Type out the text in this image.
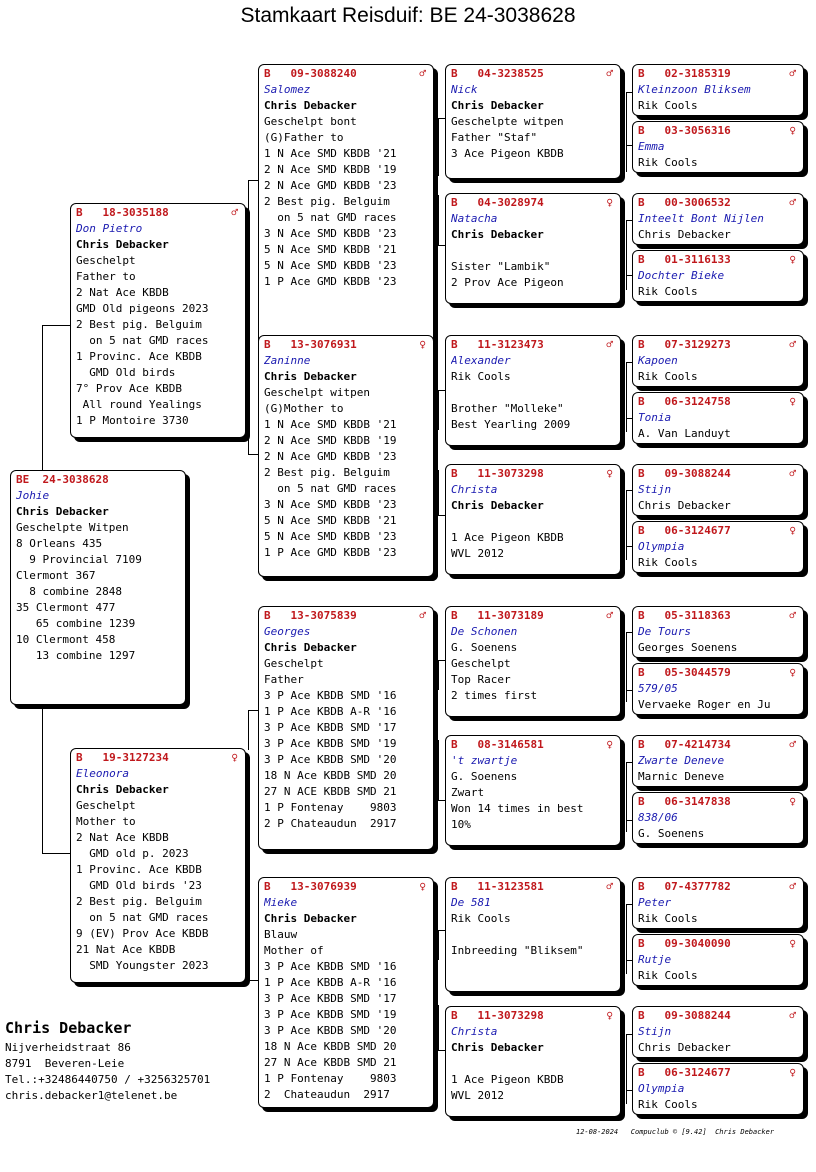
Stamkaart Reisduif: BE 24-3038628
BE  24-3038628
Johie
Chris Debacker
Geschelpte Witpen
8 Orleans 435
9 Provincial 7109
Clermont 367
8 combine 2848
35 Clermont 477
65 combine 1239
10 Clermont 458
13 combine 1297
B   18-3035188	♂
Don Pietro
Chris Debacker
Geschelpt
Father to
2 Nat Ace KBDB
GMD Old pigeons 2023
2 Best pig. Belguim
on 5 nat GMD races
1 Provinc. Ace KBDB
GMD Old birds
7° Prov Ace KBDB
All round Yealings
1 P Montoire 3730
B   19-3127234	♀
Eleonora
Chris Debacker
Geschelpt
Mother to
2 Nat Ace KBDB
GMD old p. 2023
1 Provinc. Ace KBDB
GMD Old birds '23
2 Best pig. Belguim
on 5 nat GMD races
9 (EV) Prov Ace KBDB
21 Nat Ace KBDB
SMD Youngster 2023
B   09-3088240	♂
Salomez
Chris Debacker
Geschelpt bont
(G)Father to
1 N Ace SMD KBDB '21
2 N Ace SMD KBDB '19
2 N Ace GMD KBDB '23
2 Best pig. Belguim
on 5 nat GMD races
3 N Ace SMD KBDB '23
5 N Ace SMD KBDB '21
5 N Ace SMD KBDB '23
1 P Ace GMD KBDB '23
B   13-3076931	♀
Zaninne
Chris Debacker
Geschelpt witpen
(G)Mother to
1 N Ace SMD KBDB '21
2 N Ace SMD KBDB '19
2 N Ace GMD KBDB '23
2 Best pig. Belguim
on 5 nat GMD races
3 N Ace SMD KBDB '23
5 N Ace SMD KBDB '21
5 N Ace SMD KBDB '23
1 P Ace GMD KBDB '23
B   13-3075839	♂
Georges
Chris Debacker
Geschelpt
Father
3 P Ace KBDB SMD '16
1 P Ace KBDB A-R '16
3 P Ace KBDB SMD '17
3 P Ace KBDB SMD '19
3 P Ace KBDB SMD '20
18 N Ace KBDB SMD 20
27 N ACE KBDB SMD 21
1 P Fontenay    9803
2 P Chateaudun  2917
B   13-3076939	♀
Mieke
Chris Debacker
Blauw
Mother of
3 P Ace KBDB SMD '16
1 P Ace KBDB A-R '16
3 P Ace KBDB SMD '17
3 P Ace KBDB SMD '19
3 P Ace KBDB SMD '20
18 N Ace KBDB SMD 20
27 N Ace KBDB SMD 21
1 P Fontenay    9803
2  Chateaudun  2917
B   04-3238525	♂
Nick
Chris Debacker
Geschelpte witpen
Father "Staf"
3 Ace Pigeon KBDB
B   04-3028974	♀
Natacha
Chris Debacker
Sister "Lambik"
2 Prov Ace Pigeon
B   11-3123473	♂
Alexander
Rik Cools
Brother "Molleke"
Best Yearling 2009
B   11-3073298	♀
Christa
Chris Debacker
1 Ace Pigeon KBDB
WVL 2012
B   11-3073189	♂
De Schonen
G. Soenens
Geschelpt
Top Racer
2 times first
B   08-3146581	♀
't zwartje
G. Soenens
Zwart
Won 14 times in best
10%
B   11-3123581	♂
De 581
Rik Cools
Inbreeding "Bliksem"
B   11-3073298	♀
Christa
Chris Debacker
1 Ace Pigeon KBDB
WVL 2012
B   02-3185319	♂
Kleinzoon Bliksem
Rik Cools
B   03-3056316	♀
Emma
Rik Cools
B   00-3006532	♂
Inteelt Bont Nijlen
Chris Debacker
B   01-3116133	♀
Dochter Bieke
Rik Cools
B   07-3129273	♂
Kapoen
Rik Cools
B   06-3124758	♀
Tonia
A. Van Landuyt
B   09-3088244	♂
Stijn
Chris Debacker
B   06-3124677	♀
Olympia
Rik Cools
B   05-3118363	♂
De Tours
Georges Soenens
B   05-3044579	♀
579/05
Vervaeke Roger en Ju
B   07-4214734	♂
Zwarte Deneve
Marnic Deneve
B   06-3147838	♀
838/06
G. Soenens
B   07-4377782	♂
Peter
Rik Cools
B   09-3040090	♀
Rutje
Rik Cools
B   09-3088244	♂
Stijn
Chris Debacker
B   06-3124677	♀
Olympia
Rik Cools
Chris Debacker
Nijverheidstraat 86
8791  Beveren-Leie
Tel.:+32486440750 / +3256325701
chris.debacker1@telenet.be
12-08-2024   Compuclub © [9.42]  Chris Debacker
